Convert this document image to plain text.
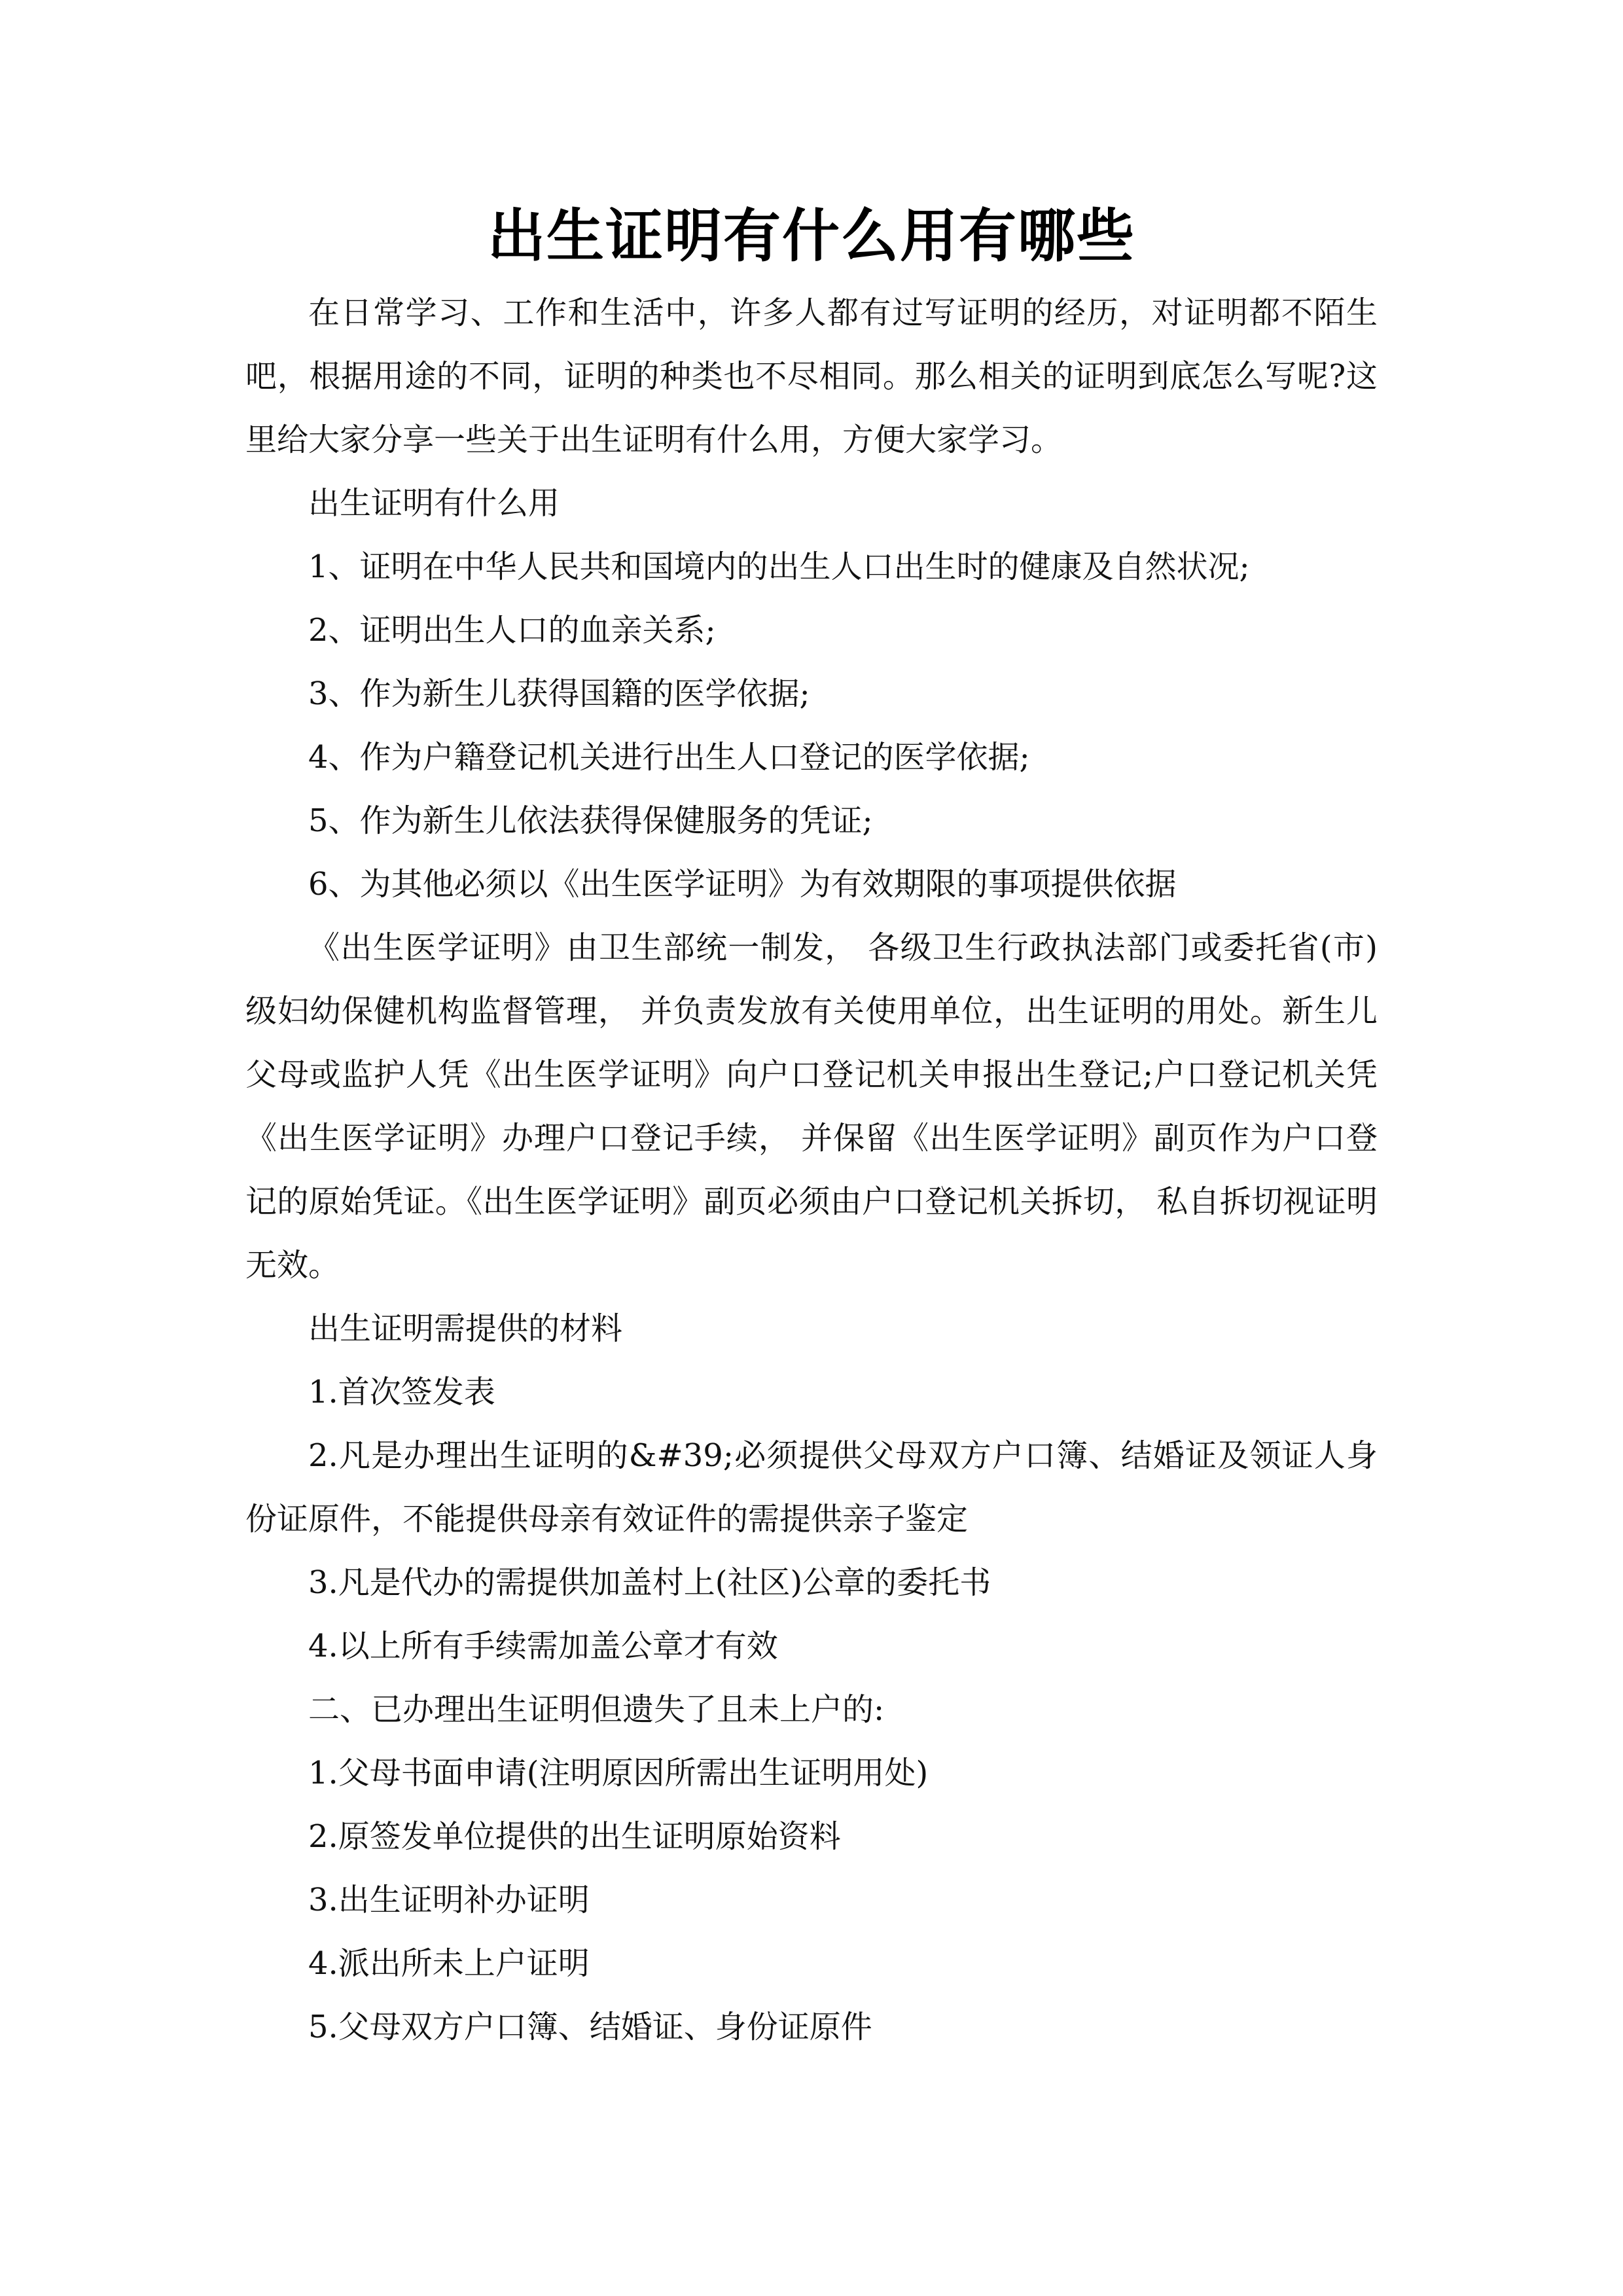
出生证明有什么用有哪些

在日常学习、工作和生活中，许多人都有过写证明的经历，对证明都不陌生吧，根据用途的不同，证明的种类也不尽相同。那么相关的证明到底怎么写呢?这里给大家分享一些关于出生证明有什么用，方便大家学习。

出生证明有什么用

1、证明在中华人民共和国境内的出生人口出生时的健康及自然状况;

2、证明出生人口的血亲关系;

3、作为新生儿获得国籍的医学依据;

4、作为户籍登记机关进行出生人口登记的医学依据;

5、作为新生儿依法获得保健服务的凭证;

6、为其他必须以《出生医学证明》为有效期限的事项提供依据

《出生医学证明》由卫生部统一制发， 各级卫生行政执法部门或委托省(市)级妇幼保健机构监督管理， 并负责发放有关使用单位，出生证明的用处。新生儿父母或监护人凭《出生医学证明》向户口登记机关申报出生登记;户口登记机关凭《出生医学证明》办理户口登记手续， 并保留《出生医学证明》副页作为户口登记的原始凭证。《出生医学证明》副页必须由户口登记机关拆切， 私自拆切视证明无效。

出生证明需提供的材料

1.首次签发表

2.凡是办理出生证明的&#39;必须提供父母双方户口簿、结婚证及领证人身份证原件，不能提供母亲有效证件的需提供亲子鉴定

3.凡是代办的需提供加盖村上(社区)公章的委托书

4.以上所有手续需加盖公章才有效

二、已办理出生证明但遗失了且未上户的:

1.父母书面申请(注明原因所需出生证明用处)

2.原签发单位提供的出生证明原始资料

3.出生证明补办证明

4.派出所未上户证明

5.父母双方户口簿、结婚证、身份证原件
